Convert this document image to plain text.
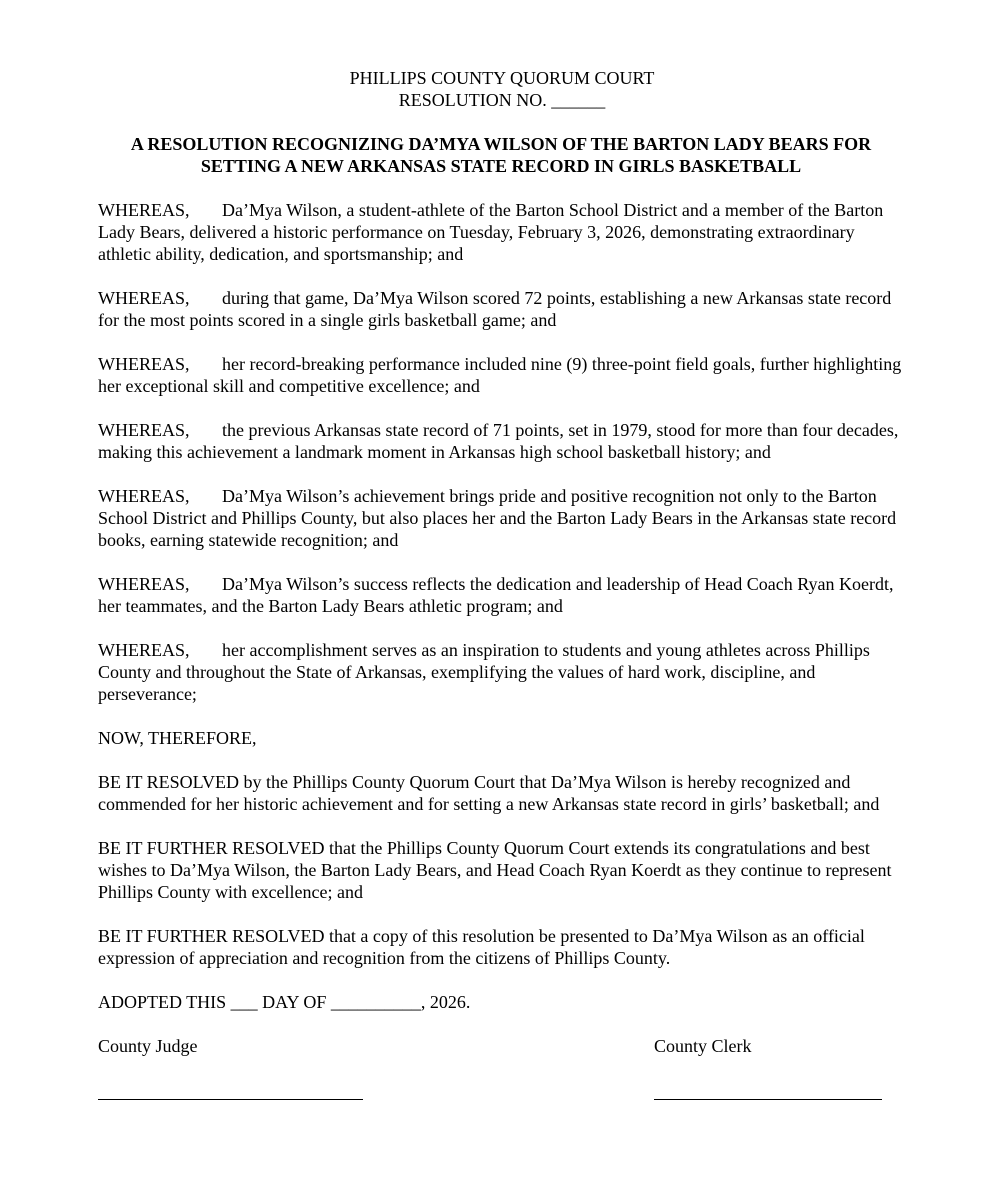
PHILLIPS COUNTY QUORUM COURT

RESOLUTION NO. ______

A RESOLUTION RECOGNIZING DA’MYA WILSON OF THE BARTON LADY BEARS FOR
SETTING A NEW ARKANSAS STATE RECORD IN GIRLS BASKETBALL

WHEREAS, Da’Mya Wilson, a student-athlete of the Barton School District and a member of the Barton Lady Bears, delivered a historic performance on Tuesday, February 3, 2026, demonstrating extraordinary athletic ability, dedication, and sportsmanship; and

WHEREAS, during that game, Da’Mya Wilson scored 72 points, establishing a new Arkansas state record for the most points scored in a single girls basketball game; and

WHEREAS, her record-breaking performance included nine (9) three-point field goals, further highlighting her exceptional skill and competitive excellence; and

WHEREAS, the previous Arkansas state record of 71 points, set in 1979, stood for more than four decades, making this achievement a landmark moment in Arkansas high school basketball history; and

WHEREAS, Da’Mya Wilson’s achievement brings pride and positive recognition not only to the Barton School District and Phillips County, but also places her and the Barton Lady Bears in the Arkansas state record books, earning statewide recognition; and

WHEREAS, Da’Mya Wilson’s success reflects the dedication and leadership of Head Coach Ryan Koerdt, her teammates, and the Barton Lady Bears athletic program; and

WHEREAS, her accomplishment serves as an inspiration to students and young athletes across Phillips County and throughout the State of Arkansas, exemplifying the values of hard work, discipline, and perseverance;

NOW, THEREFORE,

BE IT RESOLVED by the Phillips County Quorum Court that Da’Mya Wilson is hereby recognized and commended for her historic achievement and for setting a new Arkansas state record in girls’ basketball; and

BE IT FURTHER RESOLVED that the Phillips County Quorum Court extends its congratulations and best wishes to Da’Mya Wilson, the Barton Lady Bears, and Head Coach Ryan Koerdt as they continue to represent Phillips County with excellence; and

BE IT FURTHER RESOLVED that a copy of this resolution be presented to Da’Mya Wilson as an official expression of appreciation and recognition from the citizens of Phillips County.

ADOPTED THIS ___ DAY OF __________, 2026.

County Judge	County Clerk
